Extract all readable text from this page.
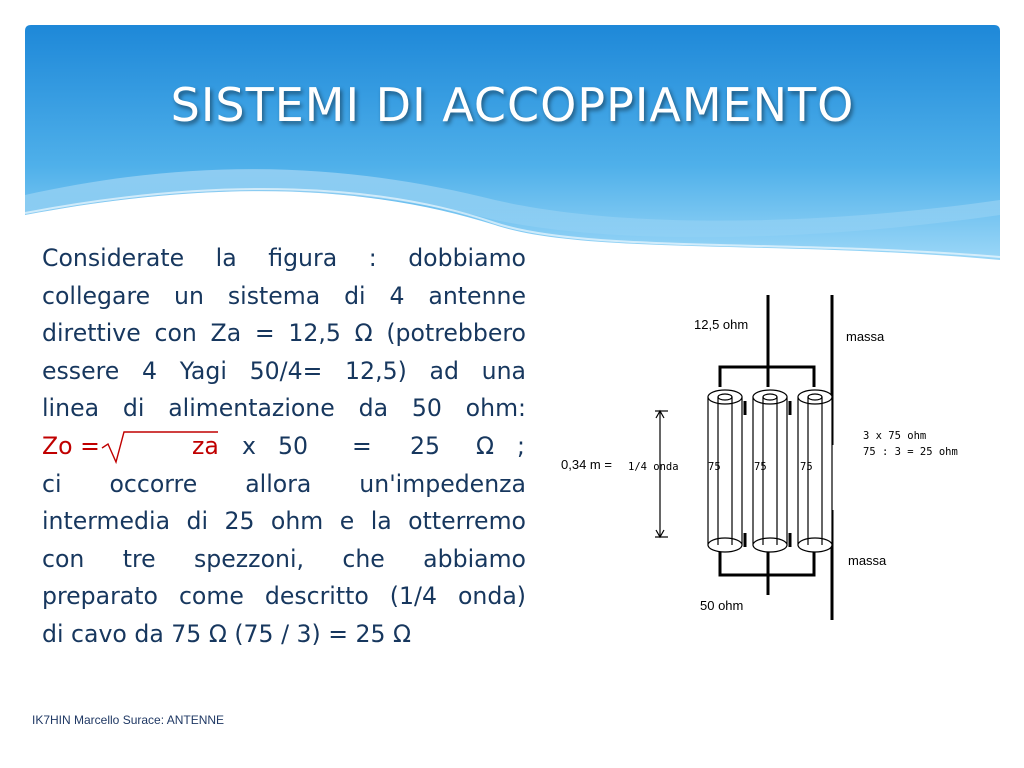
SISTEMI DI ACCOPPIAMENTO
Considerate la figura : dobbiamo
collegare un sistema di 4 antenne
direttive con Za = 12,5 Ω (potrebbero
essere 4 Yagi 50/4= 12,5) ad una
linea di alimentazione da 50 ohm:
Zo =	za x 50 = 25 Ω ;
ci occorre allora un'impedenza
intermedia di 25 ohm e la otterremo
con tre spezzoni, che abbiamo
preparato come descritto (1/4 onda)
di cavo da 75 Ω (75 / 3) = 25 Ω
12,5 ohm
massa
0,34 m = 1/4 onda	75	75	75
3 x 75 ohm
75 : 3 = 25 ohm
massa
50 ohm
IK7HIN Marcello Surace: ANTENNE
